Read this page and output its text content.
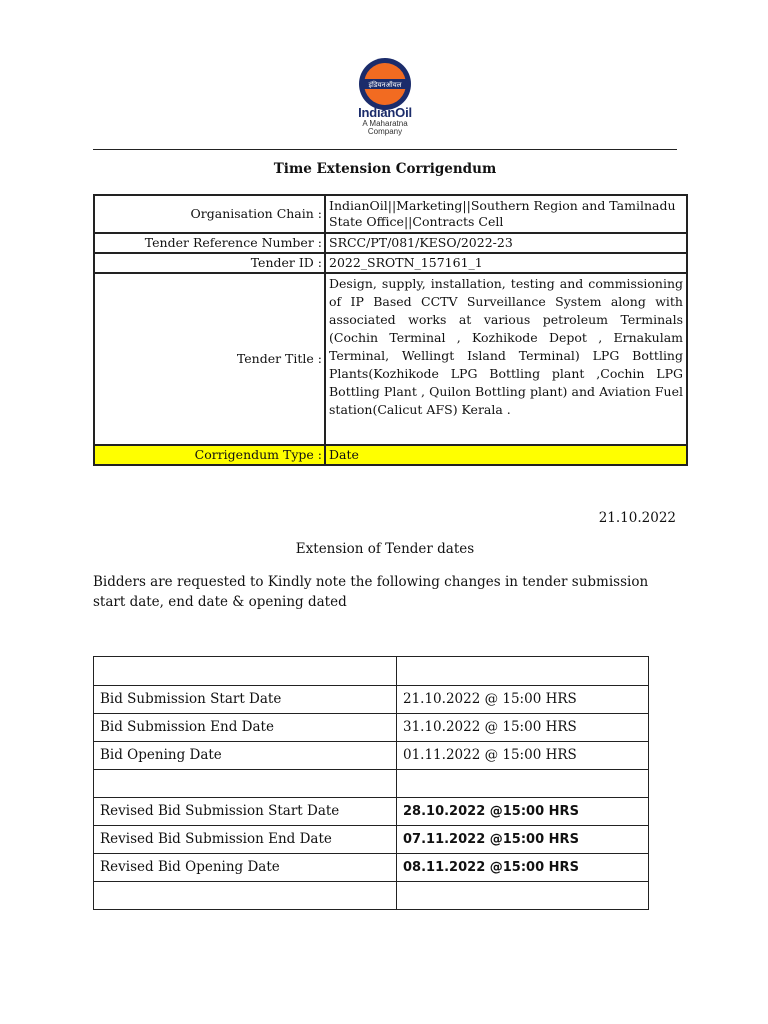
इंडियनऑयल
IndianOil
A Maharatna
Company
Time Extension Corrigendum
Organisation Chain :	IndianOil||Marketing||Southern Region and Tamilnadu State Office||Contracts Cell
Tender Reference Number :	SRCC/PT/081/KESO/2022-23
Tender ID :	2022_SROTN_157161_1
Tender Title :	Design, supply, installation, testing and commissioning of IP Based CCTV Surveillance System along with associated works at various petroleum Terminals (Cochin Terminal , Kozhikode Depot , Ernakulam Terminal, Wellingt Island Terminal) LPG Bottling Plants(Kozhikode LPG Bottling plant ,Cochin LPG Bottling Plant , Quilon Bottling plant) and Aviation Fuel station(Calicut AFS) Kerala .
Corrigendum Type :	Date
21.10.2022
Extension of Tender dates
Bidders are requested to Kindly note the following changes in tender submission start date, end date & opening dated

Bid Submission Start Date	21.10.2022 @ 15:00 HRS
Bid Submission End Date	31.10.2022 @ 15:00 HRS
Bid Opening Date	01.11.2022 @ 15:00 HRS

Revised Bid Submission Start Date	28.10.2022 @15:00 HRS
Revised Bid Submission End Date	07.11.2022 @15:00 HRS
Revised Bid Opening Date	08.11.2022 @15:00 HRS
